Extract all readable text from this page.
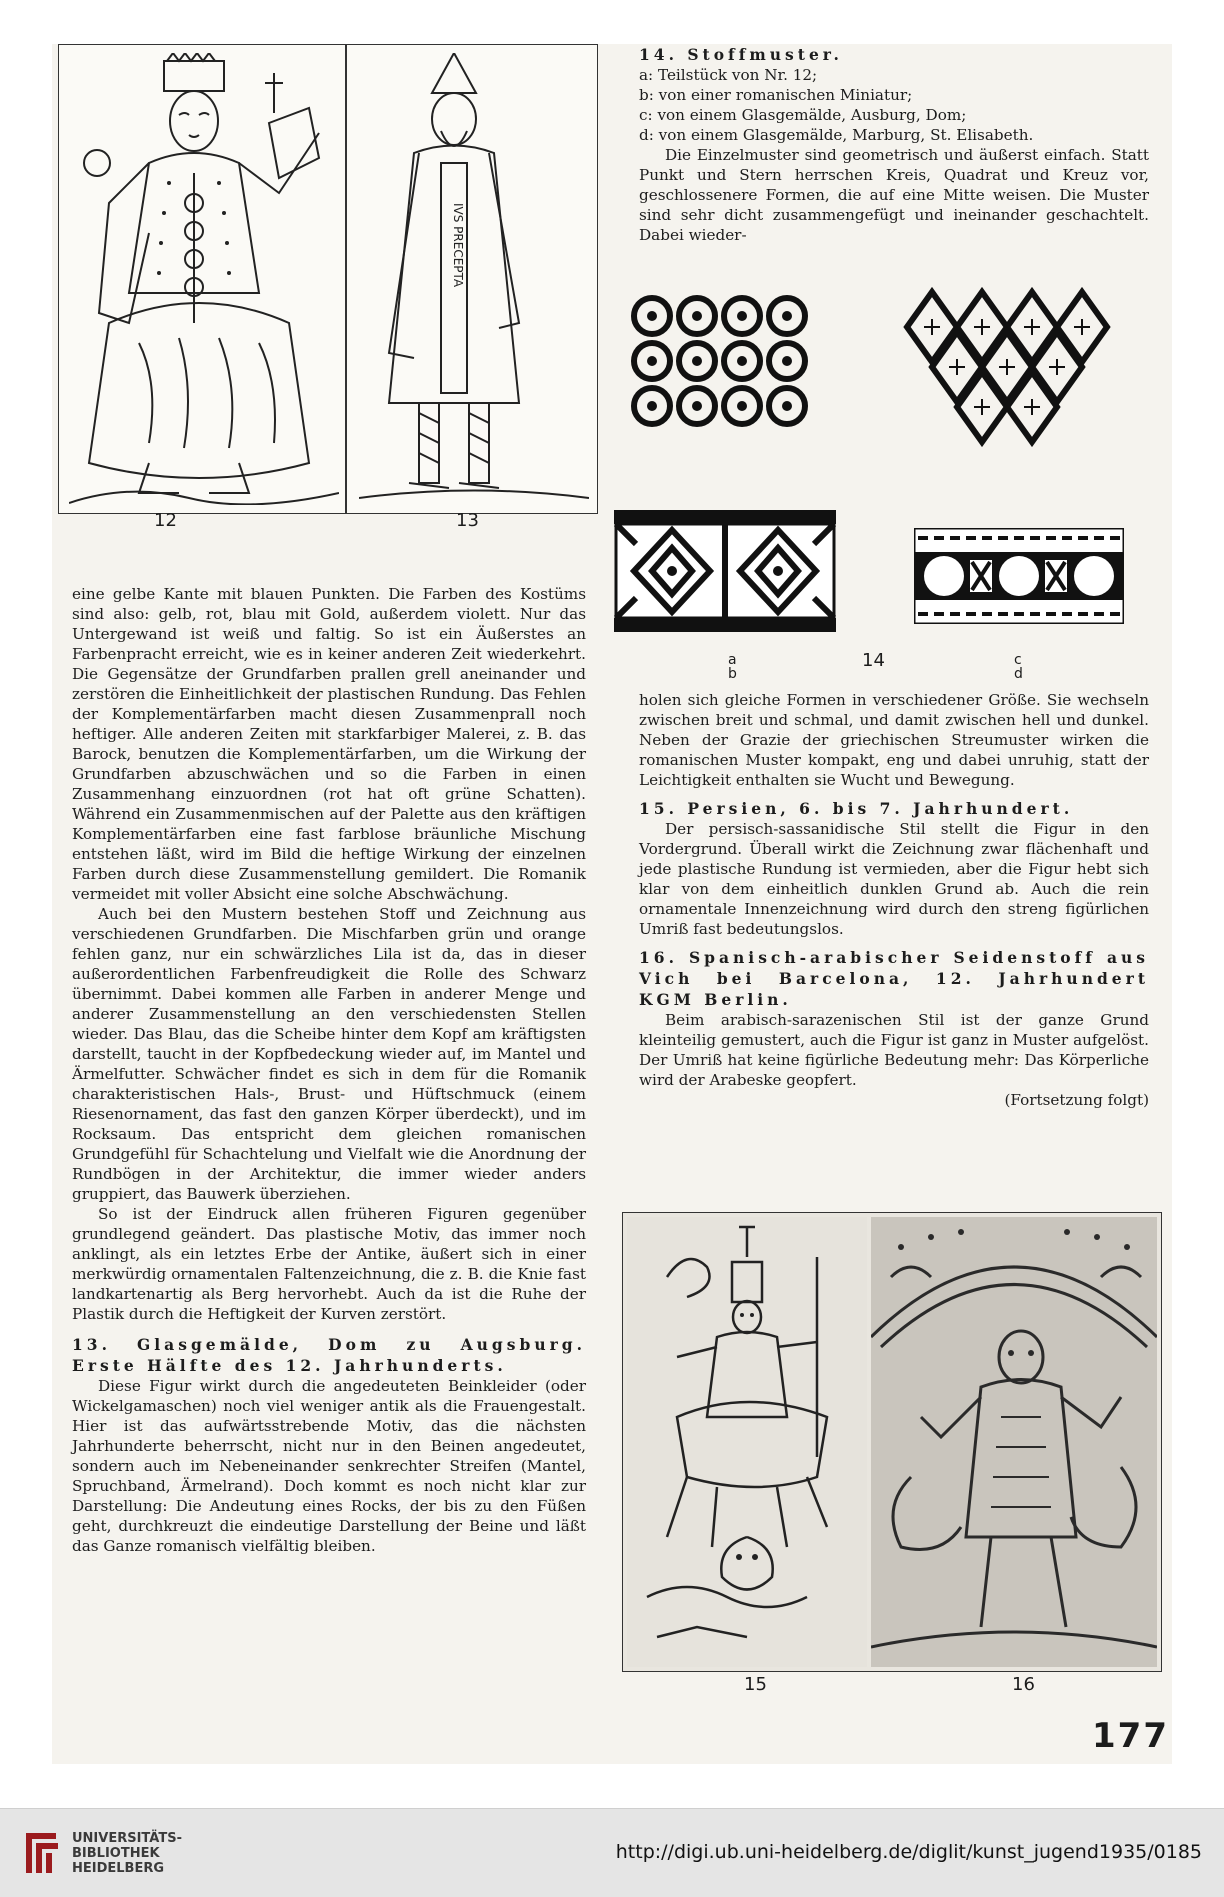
IVS PRECEPTA
12	13

14. Stoffmuster.

a: Teilstück von Nr. 12;

b: von einer romanischen Miniatur;

c: von einem Glasgemälde, Ausburg, Dom;

d: von einem Glasgemälde, Marburg, St. Elisabeth.

Die Einzelmuster sind geometrisch und äußerst einfach. Statt Punkt und Stern herrschen Kreis, Quadrat und Kreuz vor, geschlossenere Formen, die auf eine Mitte weisen. Die Muster sind sehr dicht zusammengefügt und ineinander geschachtelt. Dabei wieder-

a
b
14	c
d

holen sich gleiche Formen in verschiedener Größe. Sie wechseln zwischen breit und schmal, und damit zwischen hell und dunkel. Neben der Grazie der griechischen Streumuster wirken die romanischen Muster kompakt, eng und dabei unruhig, statt der Leichtigkeit enthalten sie Wucht und Bewegung.

15. Persien, 6. bis 7. Jahrhundert.

Der persisch-sassanidische Stil stellt die Figur in den Vordergrund. Überall wirkt die Zeichnung zwar flächenhaft und jede plastische Rundung ist vermieden, aber die Figur hebt sich klar von dem einheitlich dunklen Grund ab. Auch die rein ornamentale Innenzeichnung wird durch den streng figürlichen Umriß fast bedeutungslos.

16. Spanisch-arabischer Seidenstoff aus Vich bei Barcelona, 12. Jahrhundert KGM Berlin.

Beim arabisch-sarazenischen Stil ist der ganze Grund kleinteilig gemustert, auch die Figur ist ganz in Muster aufgelöst. Der Umriß hat keine figürliche Bedeutung mehr: Das Körperliche wird der Arabeske geopfert.

(Fortsetzung folgt)

eine gelbe Kante mit blauen Punkten. Die Farben des Kostüms sind also: gelb, rot, blau mit Gold, außerdem violett. Nur das Untergewand ist weiß und faltig. So ist ein Äußerstes an Farbenpracht erreicht, wie es in keiner anderen Zeit wiederkehrt. Die Gegensätze der Grundfarben prallen grell aneinander und zerstören die Einheitlichkeit der plastischen Rundung. Das Fehlen der Komplementärfarben macht diesen Zusammenprall noch heftiger. Alle anderen Zeiten mit starkfarbiger Malerei, z. B. das Barock, benutzen die Komplementärfarben, um die Wirkung der Grundfarben abzuschwächen und so die Farben in einen Zusammenhang einzuordnen (rot hat oft grüne Schatten). Während ein Zusammenmischen auf der Palette aus den kräftigen Komplementärfarben eine fast farblose bräunliche Mischung entstehen läßt, wird im Bild die heftige Wirkung der einzelnen Farben durch diese Zusammenstellung gemildert. Die Romanik vermeidet mit voller Absicht eine solche Abschwächung.

Auch bei den Mustern bestehen Stoff und Zeichnung aus verschiedenen Grundfarben. Die Mischfarben grün und orange fehlen ganz, nur ein schwärzliches Lila ist da, das in dieser außerordentlichen Farbenfreudigkeit die Rolle des Schwarz übernimmt. Dabei kommen alle Farben in anderer Menge und anderer Zusammenstellung an den verschiedensten Stellen wieder. Das Blau, das die Scheibe hinter dem Kopf am kräftigsten darstellt, taucht in der Kopfbedeckung wieder auf, im Mantel und Ärmelfutter. Schwächer findet es sich in dem für die Romanik charakteristischen Hals-, Brust- und Hüftschmuck (einem Riesenornament, das fast den ganzen Körper überdeckt), und im Rocksaum. Das entspricht dem gleichen romanischen Grundgefühl für Schachtelung und Vielfalt wie die Anordnung der Rundbögen in der Architektur, die immer wieder anders gruppiert, das Bauwerk überziehen.

So ist der Eindruck allen früheren Figuren gegenüber grundlegend geändert. Das plastische Motiv, das immer noch anklingt, als ein letztes Erbe der Antike, äußert sich in einer merkwürdig ornamentalen Faltenzeichnung, die z. B. die Knie fast landkartenartig als Berg hervorhebt. Auch da ist die Ruhe der Plastik durch die Heftigkeit der Kurven zerstört.

13. Glasgemälde, Dom zu Augsburg. Erste Hälfte des 12. Jahrhunderts.

Diese Figur wirkt durch die angedeuteten Beinkleider (oder Wickelgamaschen) noch viel weniger antik als die Frauengestalt. Hier ist das aufwärtsstrebende Motiv, das die nächsten Jahrhunderte beherrscht, nicht nur in den Beinen angedeutet, sondern auch im Nebeneinander senkrechter Streifen (Mantel, Spruchband, Ärmelrand). Doch kommt es noch nicht klar zur Darstellung: Die Andeutung eines Rocks, der bis zu den Füßen geht, durchkreuzt die eindeutige Darstellung der Beine und läßt das Ganze romanisch vielfältig bleiben.

15	16
177
UNIVERSITÄTS-
BIBLIOTHEK
HEIDELBERG
http://digi.ub.uni-heidelberg.de/diglit/kunst_jugend1935/0185
